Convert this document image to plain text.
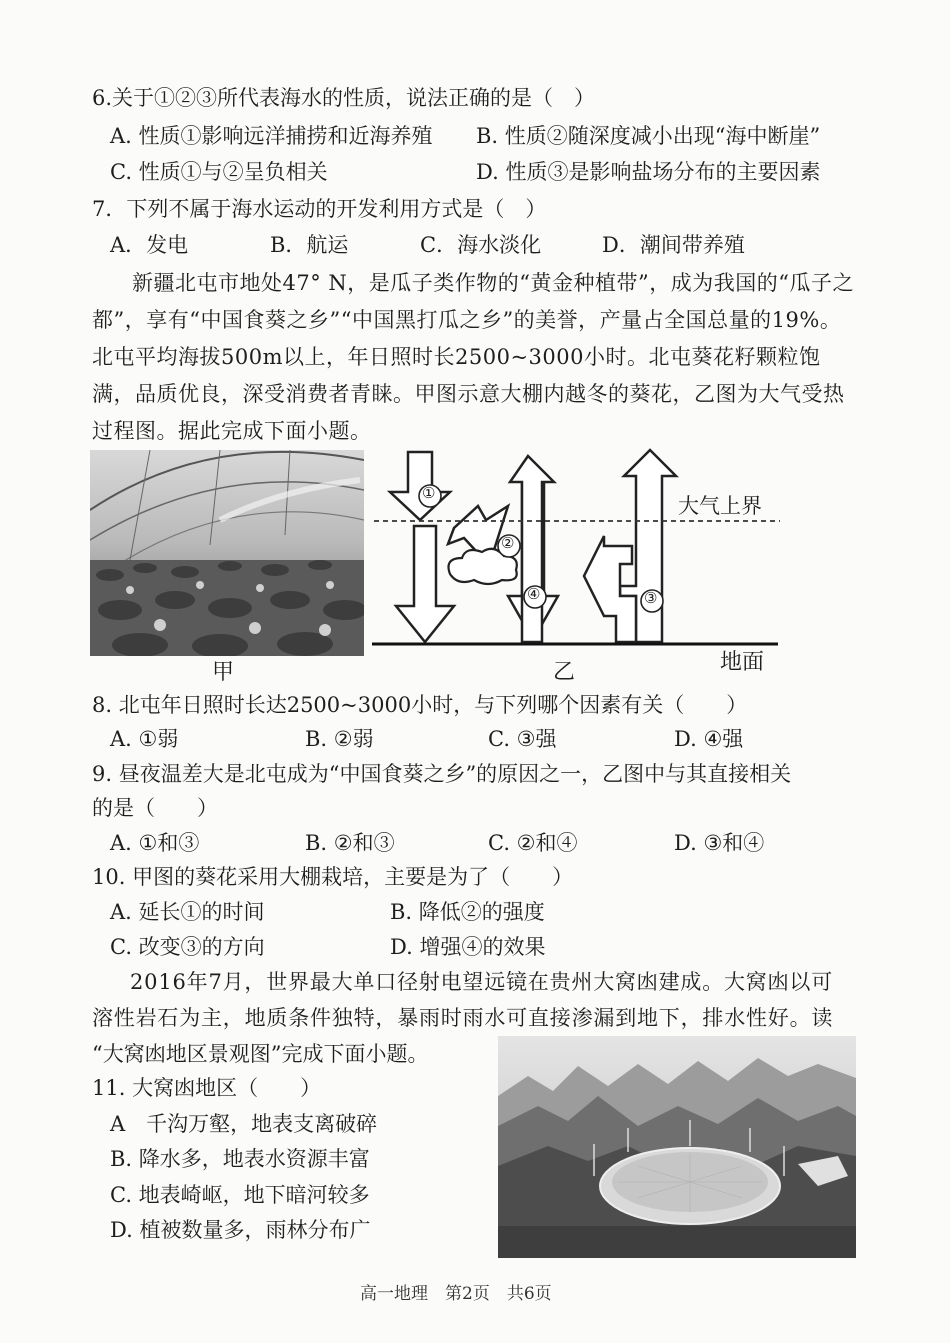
6.关于①②③所代表海水的性质，说法正确的是（　）
A. 性质①影响远洋捕捞和近海养殖 B. 性质②随深度减小出现“海中断崖”
C. 性质①与②呈负相关	D. 性质③是影响盐场分布的主要因素
7．下列不属于海水运动的开发利用方式是（　）
A．发电	B．航运	C．海水淡化	D．潮间带养殖
新疆北屯市地处47° N，是瓜子类作物的“黄金种植带”，成为我国的“瓜子之都”，享有“中国食葵之乡”“中国黑打瓜之乡”的美誉，产量占全国总量的19%。北屯平均海拔500m以上，年日照时长2500~3000小时。北屯葵花籽颗粒饱满，品质优良，深受消费者青睐。甲图示意大棚内越冬的葵花，乙图为大气受热过程图。据此完成下面小题。
甲
①
②
③
④
大气上界
乙	地面
8. 北屯年日照时长达2500~3000小时，与下列哪个因素有关（　　）
A. ①弱	B. ②弱	C. ③强	D. ④强
9. 昼夜温差大是北屯成为“中国食葵之乡”的原因之一，乙图中与其直接相关
的是（　　）
A. ①和③	B. ②和③	C. ②和④	D. ③和④
10. 甲图的葵花采用大棚栽培，主要是为了（　　）
A. 延长①的时间	B. 降低②的强度
C. 改变③的方向	D. 增强④的效果
2016年7月，世界最大单口径射电望远镜在贵州大窝凼建成。大窝凼以可
溶性岩石为主，地质条件独特，暴雨时雨水可直接渗漏到地下，排水性好。读
“大窝凼地区景观图”完成下面小题。
11. 大窝凼地区（　　）
A　千沟万壑，地表支离破碎
B. 降水多，地表水资源丰富
C. 地表崎岖，地下暗河较多
D. 植被数量多，雨林分布广
高一地理　第2页　共6页
